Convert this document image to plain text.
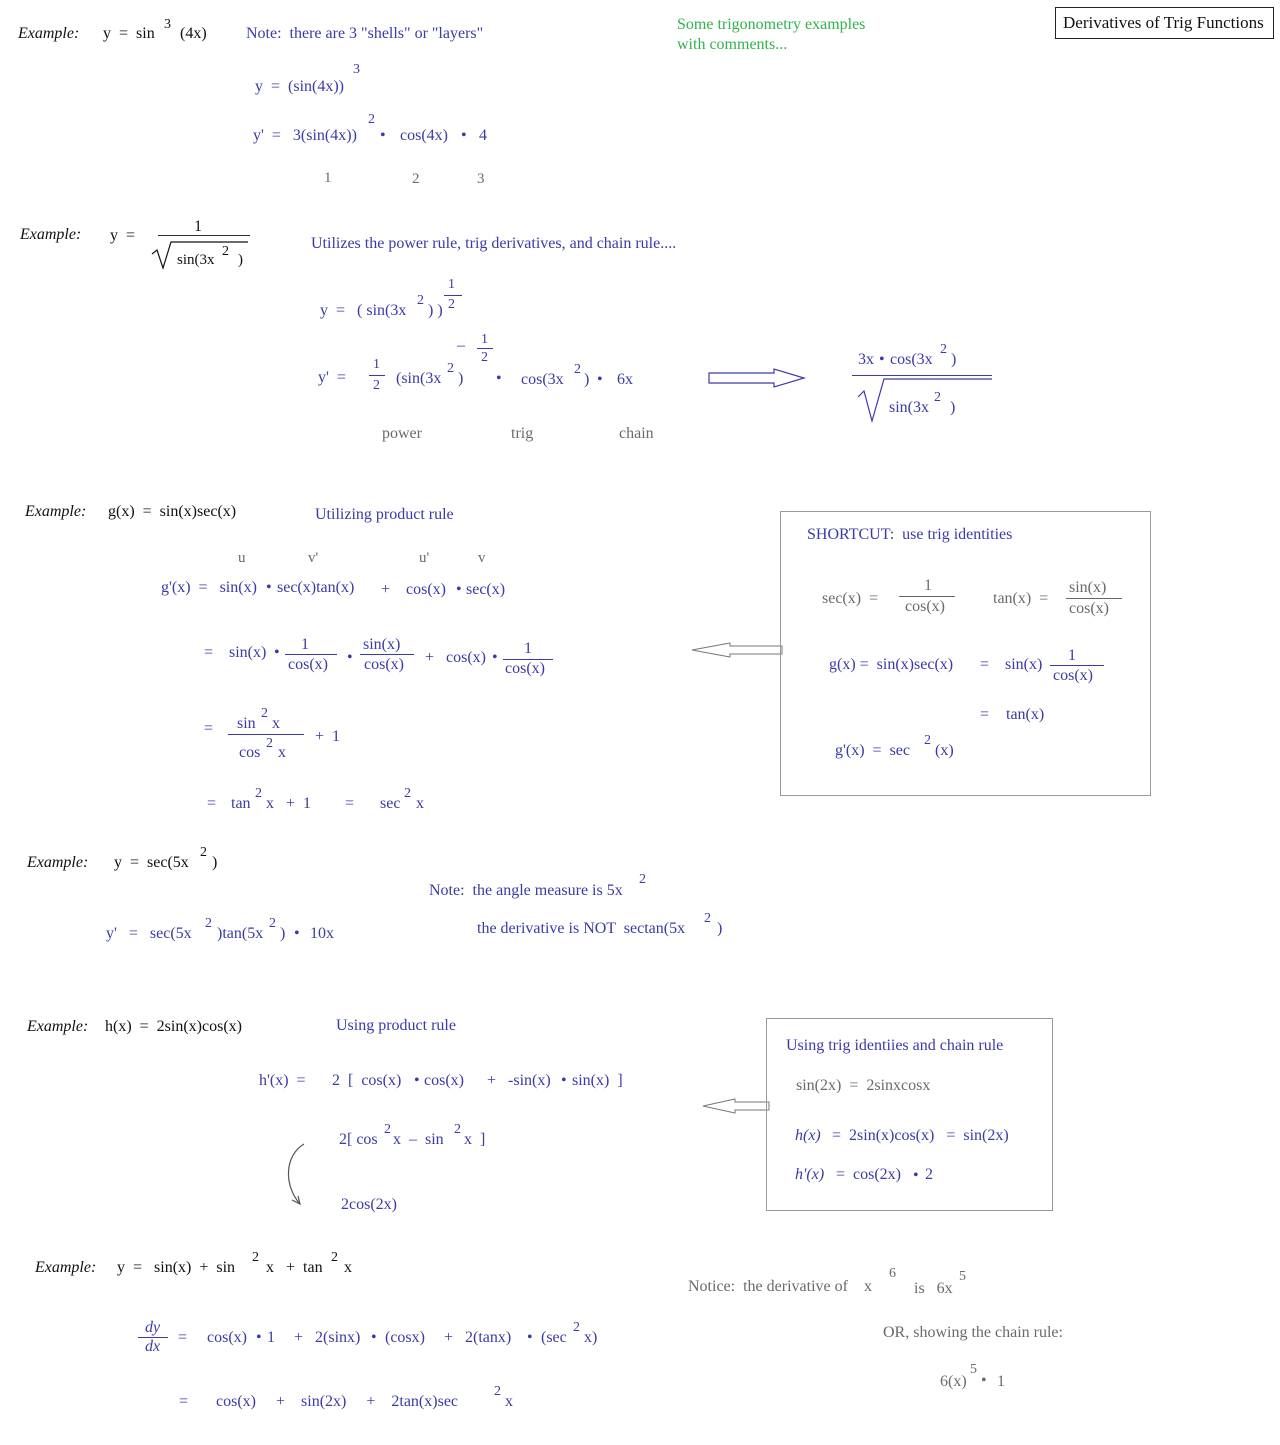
Derivatives of Trig Functions
Some trigonometry examples
with comments...
Example: y  =  sin
3
(4x) Note:  there are 3 "shells" or "layers"
y  =  (sin(4x))
3
y'  =   3(sin(4x))
2
• cos(4x) • 4
1	2	3
Example: y  =
1
sin(3x
2
)
Utilizes the power rule, trig derivatives, and chain rule....
y  =   ( sin(3x
2
) )
1
2
y'  =
1
2 (sin(3x
2
)
– 1
2
• cos(3x
2
) • 6x
power	trig	chain
3x • cos(3x
2
)
sin(3x
2
)
Example: g(x)  =  sin(x)sec(x)	Utilizing product rule
u	v'	u'	v
g'(x)  =   sin(x) • sec(x)tan(x) + cos(x) • sec(x)
= sin(x) • 1
cos(x) •
sin(x)
cos(x) + cos(x) •
1
cos(x)
= sin
2
x
cos
2
x
+  1
= tan
2
x   +  1 = sec
2
x
SHORTCUT:  use trig identities
sec(x)  =
1
cos(x)	tan(x)  =
sin(x)
cos(x)
g(x) =  sin(x)sec(x) = sin(x)
1
cos(x)
= tan(x)
g'(x)  =  sec
2
(x)
Example: y  =  sec(5x
2
)
Note:  the angle measure is 5x
2
the derivative is NOT  sectan(5x
2
)
y'   =   sec(5x
2
)tan(5x
2
) • 10x
Example: h(x)  =  2sin(x)cos(x)	Using product rule
h'(x)  = 2  [  cos(x) • cos(x) +   -sin(x) • sin(x)  ]
2[ cos
2
x  –  sin
2
x  ]
2cos(2x)
Using trig identiies and chain rule
sin(2x)  =  2sinxcosx
h(x) =  2sin(x)cos(x)   =  sin(2x)
h'(x) =  cos(2x) • 2
Example: y  =   sin(x)  +  sin
2
x   +  tan
2
x
dy
dx
=     cos(x) • 1 +   2(sinx) • (cosx) +   2(tanx) • (sec
2
x)
=       cos(x)     +    sin(2x)     +    2tan(x)sec
2
x
Notice:  the derivative of    x
6
is   6x
5
OR, showing the chain rule:
6(x)
5
• 1
